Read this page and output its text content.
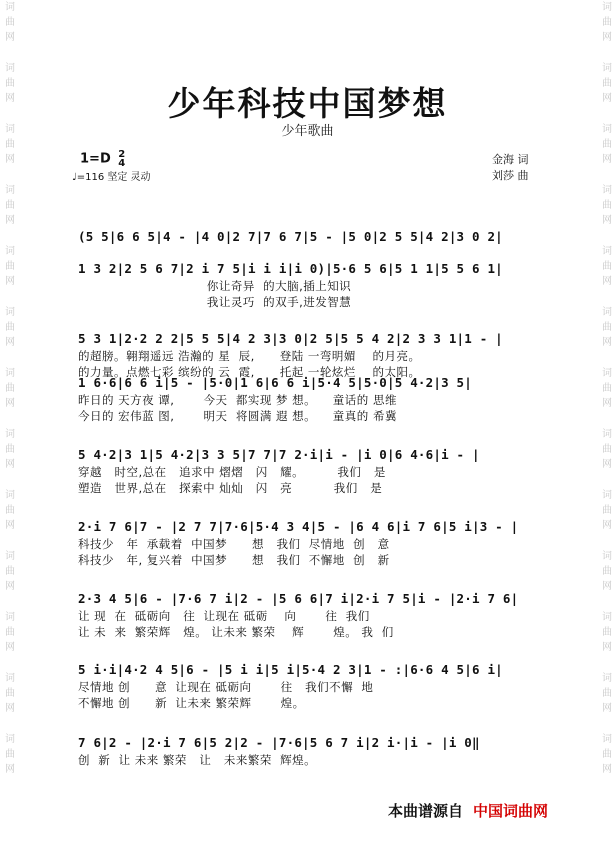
词曲网
词曲网
词曲网
词曲网
词曲网
词曲网
词曲网
词曲网
词曲网
词曲网
词曲网
词曲网
词曲网
词曲网
词曲网
词曲网
词曲网
词曲网
词曲网
词曲网
词曲网
词曲网
词曲网
词曲网
词曲网
词曲网
少年科技中国梦想
少年歌曲
1=D 2
4
♩=116 坚定 灵动
金海 词
刘莎 曲
(5 5|6 6 5|4 - |4 0|2 7|7 6 7|5 - |5 0|2 5 5|4 2|3 0 2|
1 3 2|2 5 6 7|2 i 7 5|i i i|i 0)|5·6 5 6|5 1 1|5 5 6 1|
你让奇异  的大脑,插上知识
我让灵巧  的双手,进发智慧
5 3 1|2·2 2 2|5 5 5|4 2 3|3 0|2 5|5 5 4 2|2 3 3 1|1 - |
的超膀。翱翔遥远 浩瀚的 星  辰,      登陆 一弯明媚    的月亮。
的力量。点燃七彩 缤纷的 云  霞,      托起 一轮炫烂    的太阳。
1 6·6|6 6 i|5 - |5·0|1 6|6 6 i|5·4 5|5·0|5 4·2|3 5|
昨日的 天方夜 谭,       今天  都实现 梦 想。    童话的 思维
今日的 宏伟蓝 图,       明天  将圆满 遐 想。    童真的 希冀
5 4·2|3 1|5 4·2|3 3 5|7 7|7 2·i|i - |i 0|6 4·6|i - |
穿越   时空,总在   追求中 熠熠   闪   耀。        我们   是
塑造   世界,总在   探索中 灿灿   闪   亮          我们   是
2·i 7 6|7 - |2 7 7|7·6|5·4 3 4|5 - |6 4 6|i 7 6|5 i|3 - |
科技少   年  承载着  中国梦      想   我们  尽情地  创   意
科技少   年, 复兴着  中国梦      想   我们  不懈地  创   新
2·3 4 5|6 - |7·6 7 i|2 - |5 6 6|7 i|2·i 7 5|i - |2·i 7 6|
让 现  在  砥砺向   往  让现在 砥砺    向       往  我们
让 未  来  繁荣辉   煌。 让未来 繁荣    辉       煌。 我  们
5 i·i|4·2 4 5|6 - |5 i i|5 i|5·4 2 3|1 - :|6·6 4 5|6 i|
尽情地 创      意  让现在 砥砺向       往   我们不懈  地
不懈地 创      新  让未来 繁荣辉       煌。
7 6|2 - |2·i 7 6|5 2|2 - |7·6|5 6 7 i|2 i·|i - |i 0‖
创  新  让 未来 繁荣   让   未来繁荣  辉煌。
本曲谱源自 中国词曲网
